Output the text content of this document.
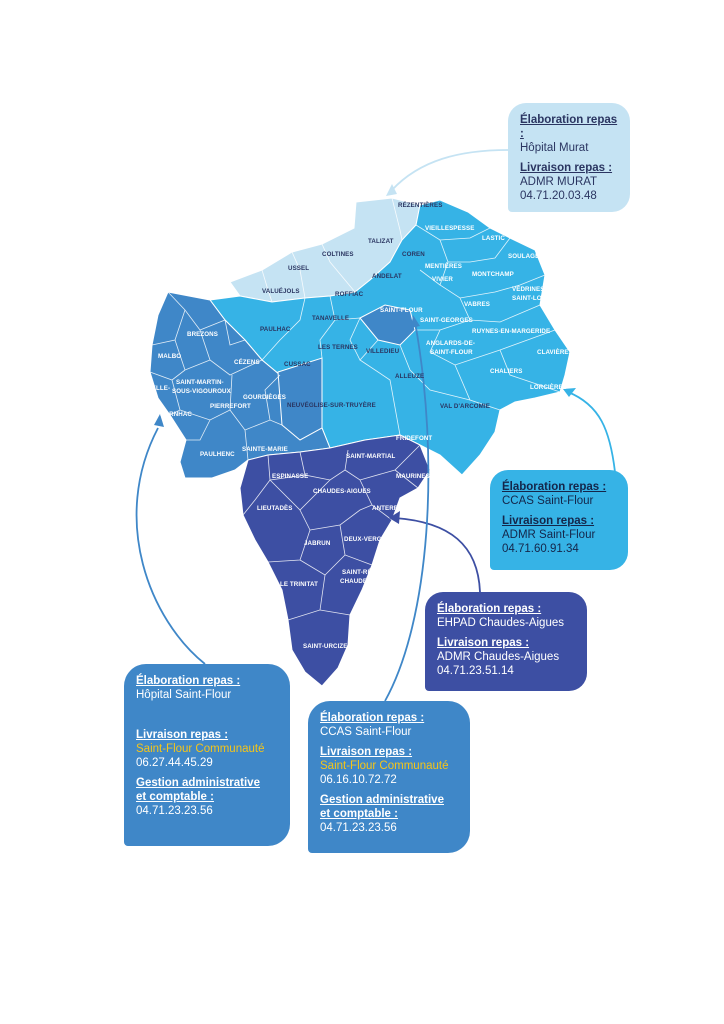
RÉZENTIÈRES
VIEILLESPESSE
TALIZAT	LASTIC
COLTINES	COREN	SOULAGES
USSEL	MENTIÈRES
ANDELAT	VIVIER
MONTCHAMP
VALUÉJOLS	ROFFIAC
VÉDRINES-
SAINT-LOUP
VABRES
SAINT-FLOUR
TANAVELLE	SAINT-GEORGES
BREZONS
PAULHAC	RUYNES-EN-MARGERIDE
ANGLARDS-DE-
SAINT-FLOUR
LES TERNES
VILLEDIEU	CLAVIÈRES
MALBO
CÉZENS	CUSSAC
CHALIERS
ALLEUZE
SAINT-MARTIN-
SOUS-VIGOUROUX
LACAPELLE-
BARRÈS
LORCIÈRES
GOURDIÈGES
PIERREFORT	NEUVÉGLISE-SUR-TRUYÈRE	VAL D'ARCOMIE
NARNHAC
FRIDEFONT
SAINTE-MARIE
PAULHENC	SAINT-MARTIAL
ESPINASSE	MAURINES
CHAUDES-AIGUES
LIEUTADÈS	ANTERRIEUX
JABRUN
DEUX-VERGES
SAINT-RÉMY-DE-
CHAUDES-AIGUES
LE TRINITAT
SAINT-URCIZE
Élaboration repas :
Hôpital Murat
Livraison repas :
ADMR MURAT
04.71.20.03.48
Élaboration repas :
CCAS Saint-Flour
Livraison repas :
ADMR Saint-Flour
04.71.60.91.34
Élaboration repas :
EHPAD Chaudes-Aigues
Livraison repas :
ADMR Chaudes-Aigues
04.71.23.51.14
Élaboration repas :
Hôpital Saint-Flour
Livraison repas :
Saint-Flour Communauté
06.27.44.45.29
Gestion administrative
et comptable :
04.71.23.23.56
Élaboration repas :
CCAS Saint-Flour
Livraison repas :
Saint-Flour Communauté
06.16.10.72.72
Gestion administrative
et comptable :
04.71.23.23.56
